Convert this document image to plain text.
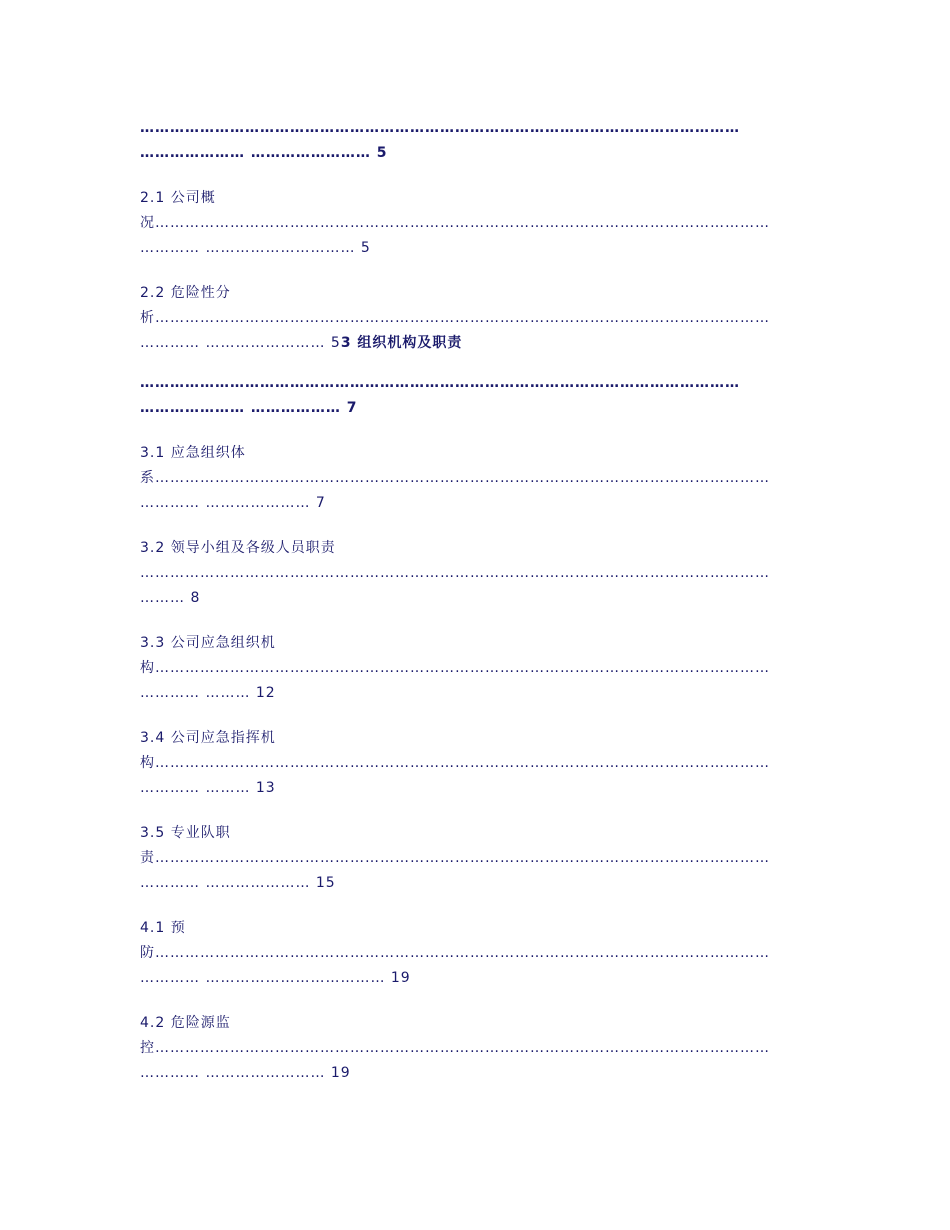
…………………………………………………………………………………………………………
………………… …………………… 5
2.1 公司概
况……………………………………………………………………………………………………………
………… ………………………… 5
2.2 危险性分
析……………………………………………………………………………………………………………
………… …………………… 53 组织机构及职责
…………………………………………………………………………………………………………
………………… ……………… 7
3.1 应急组织体
系……………………………………………………………………………………………………………
………… ………………… 7
3.2 领导小组及各级人员职责
………………………………………………………………………………………………………………
……… 8
3.3 公司应急组织机
构……………………………………………………………………………………………………………
………… ……… 12
3.4 公司应急指挥机
构……………………………………………………………………………………………………………
………… ……… 13
3.5 专业队职
责……………………………………………………………………………………………………………
………… ………………… 15
4.1 预
防……………………………………………………………………………………………………………
………… ……………………………… 19
4.2 危险源监
控……………………………………………………………………………………………………………
………… …………………… 19
